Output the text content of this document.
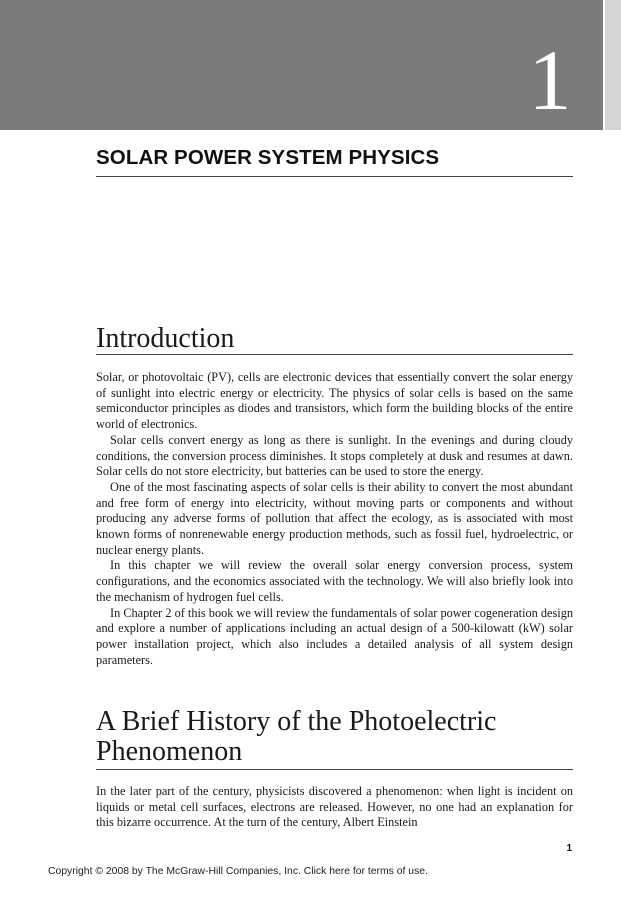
1
SOLAR POWER SYSTEM PHYSICS
Introduction

Solar, or photovoltaic (PV), cells are electronic devices that essentially convert the solar energy of sunlight into electric energy or electricity. The physics of solar cells is based on the same semiconductor principles as diodes and transistors, which form the building blocks of the entire world of electronics.

Solar cells convert energy as long as there is sunlight. In the evenings and during cloudy conditions, the conversion process diminishes. It stops completely at dusk and resumes at dawn. Solar cells do not store electricity, but batteries can be used to store the energy.

One of the most fascinating aspects of solar cells is their ability to convert the most abundant and free form of energy into electricity, without moving parts or components and without producing any adverse forms of pollution that affect the ecology, as is associated with most known forms of nonrenewable energy production methods, such as fossil fuel, hydroelectric, or nuclear energy plants.

In this chapter we will review the overall solar energy conversion process, system configurations, and the economics associated with the technology. We will also briefly look into the mechanism of hydrogen fuel cells.

In Chapter 2 of this book we will review the fundamentals of solar power cogeneration design and explore a number of applications including an actual design of a 500-kilowatt (kW) solar power installation project, which also includes a detailed analysis of all system design parameters.

A Brief History of the Photoelectric
Phenomenon

In the later part of the century, physicists discovered a phenomenon: when light is incident on liquids or metal cell surfaces, electrons are released. However, no one had an explanation for this bizarre occurrence. At the turn of the century, Albert Einstein

1
Copyright © 2008 by The McGraw-Hill Companies, Inc. Click here for terms of use.
